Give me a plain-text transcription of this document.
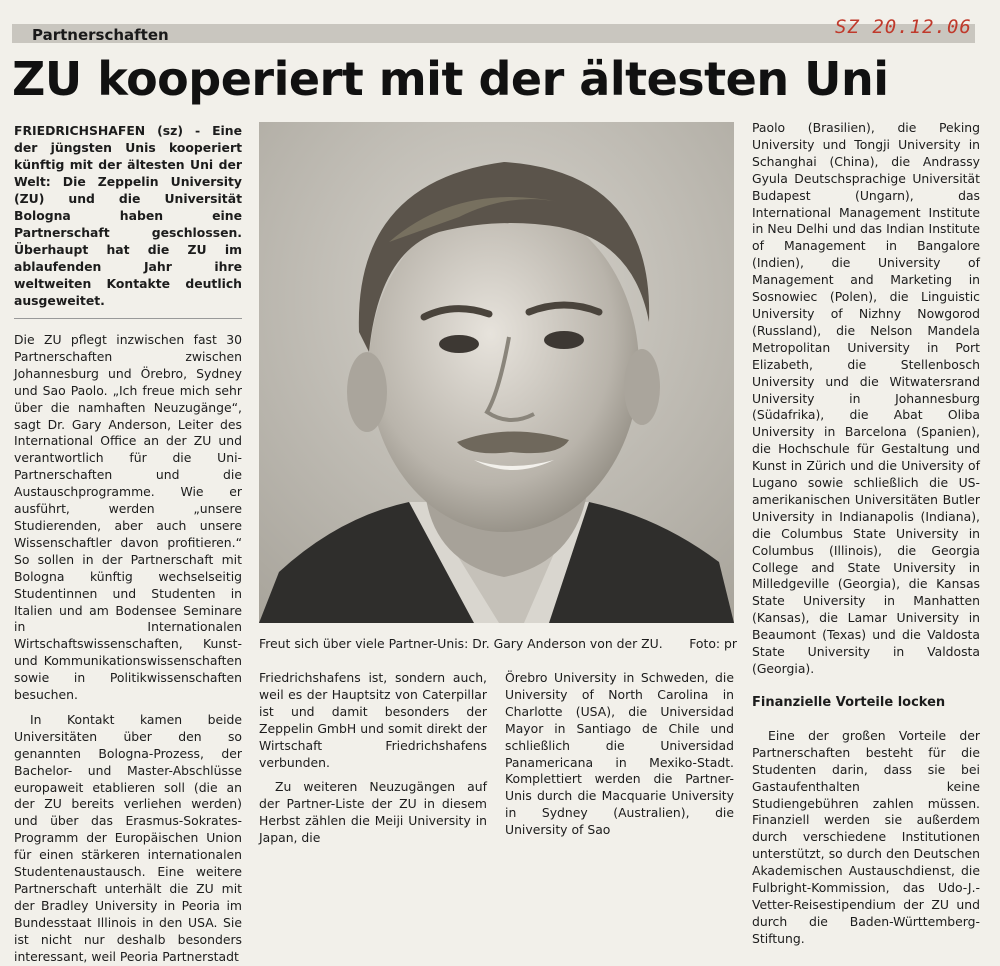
Partnerschaften	SZ 20.12.06
ZU kooperiert mit der ältesten Uni

FRIEDRICHSHAFEN (sz) - Eine der jüngsten Unis kooperiert künftig mit der ältesten Uni der Welt: Die Zeppelin University (ZU) und die Universität Bologna haben eine Partnerschaft geschlossen. Überhaupt hat die ZU im ablaufenden Jahr ihre weltweiten Kontakte deutlich ausgeweitet.

Die ZU pflegt inzwischen fast 30 Partnerschaften zwischen Johannesburg und Örebro, Sydney und Sao Paolo. „Ich freue mich sehr über die namhaften Neuzugänge“, sagt Dr. Gary Anderson, Leiter des International Office an der ZU und verantwortlich für die Uni-Partnerschaften und die Austauschprogramme. Wie er ausführt, werden „unsere Studierenden, aber auch unsere Wissenschaftler davon profitieren.“ So sollen in der Partnerschaft mit Bologna künftig wechselseitig Studentinnen und Studenten in Italien und am Bodensee Seminare in Internationalen Wirtschaftswissenschaften, Kunst- und Kommunikationswissenschaften sowie in Politikwissenschaften besuchen.

In Kontakt kamen beide Universitäten über den so genannten Bologna-Prozess, der Bachelor- und Master-Abschlüsse europaweit etablieren soll (die an der ZU bereits verliehen werden) und über das Erasmus-Sokrates-Programm der Europäischen Union für einen stärkeren internationalen Studentenaustausch. Eine weitere Partnerschaft unterhält die ZU mit der Bradley University in Peoria im Bundesstaat Illinois in den USA. Sie ist nicht nur deshalb besonders interessant, weil Peoria Partnerstadt

Freut sich über viele Partner-Unis: Dr. Gary Anderson von der ZU. Foto: pr

Friedrichshafens ist, sondern auch, weil es der Hauptsitz von Caterpillar ist und damit besonders der Zeppelin GmbH und somit direkt der Wirtschaft Friedrichshafens verbunden.

Zu weiteren Neuzugängen auf der Partner-Liste der ZU in diesem Herbst zählen die Meiji University in Japan, die

Örebro University in Schweden, die University of North Carolina in Charlotte (USA), die Universidad Mayor in Santiago de Chile und schließlich die Universidad Panamericana in Mexiko-Stadt. Komplettiert werden die Partner-Unis durch die Macquarie University in Sydney (Australien), die University of Sao

Paolo (Brasilien), die Peking University und Tongji University in Schanghai (China), die Andrassy Gyula Deutschsprachige Universität Budapest (Ungarn), das International Management Institute in Neu Delhi und das Indian Institute of Management in Bangalore (Indien), die University of Management and Marketing in Sosnowiec (Polen), die Linguistic University of Nizhny Nowgorod (Russland), die Nelson Mandela Metropolitan University in Port Elizabeth, die Stellenbosch University und die Witwatersrand University in Johannesburg (Südafrika), die Abat Oliba University in Barcelona (Spanien), die Hochschule für Gestaltung und Kunst in Zürich und die University of Lugano sowie schließlich die US-amerikanischen Universitäten Butler University in Indianapolis (Indiana), die Columbus State University in Columbus (Illinois), die Georgia College and State University in Milledgeville (Georgia), die Kansas State University in Manhatten (Kansas), die Lamar University in Beaumont (Texas) und die Valdosta State University in Valdosta (Georgia).

Finanzielle Vorteile locken

Eine der großen Vorteile der Partnerschaften besteht für die Studenten darin, dass sie bei Gastaufenthalten keine Studiengebühren zahlen müssen. Finanziell werden sie außerdem durch verschiedene Institutionen unterstützt, so durch den Deutschen Akademischen Austauschdienst, die Fulbright-Kommission, das Udo-J.-Vetter-Reisestipendium der ZU und durch die Baden-Württemberg-Stiftung.
